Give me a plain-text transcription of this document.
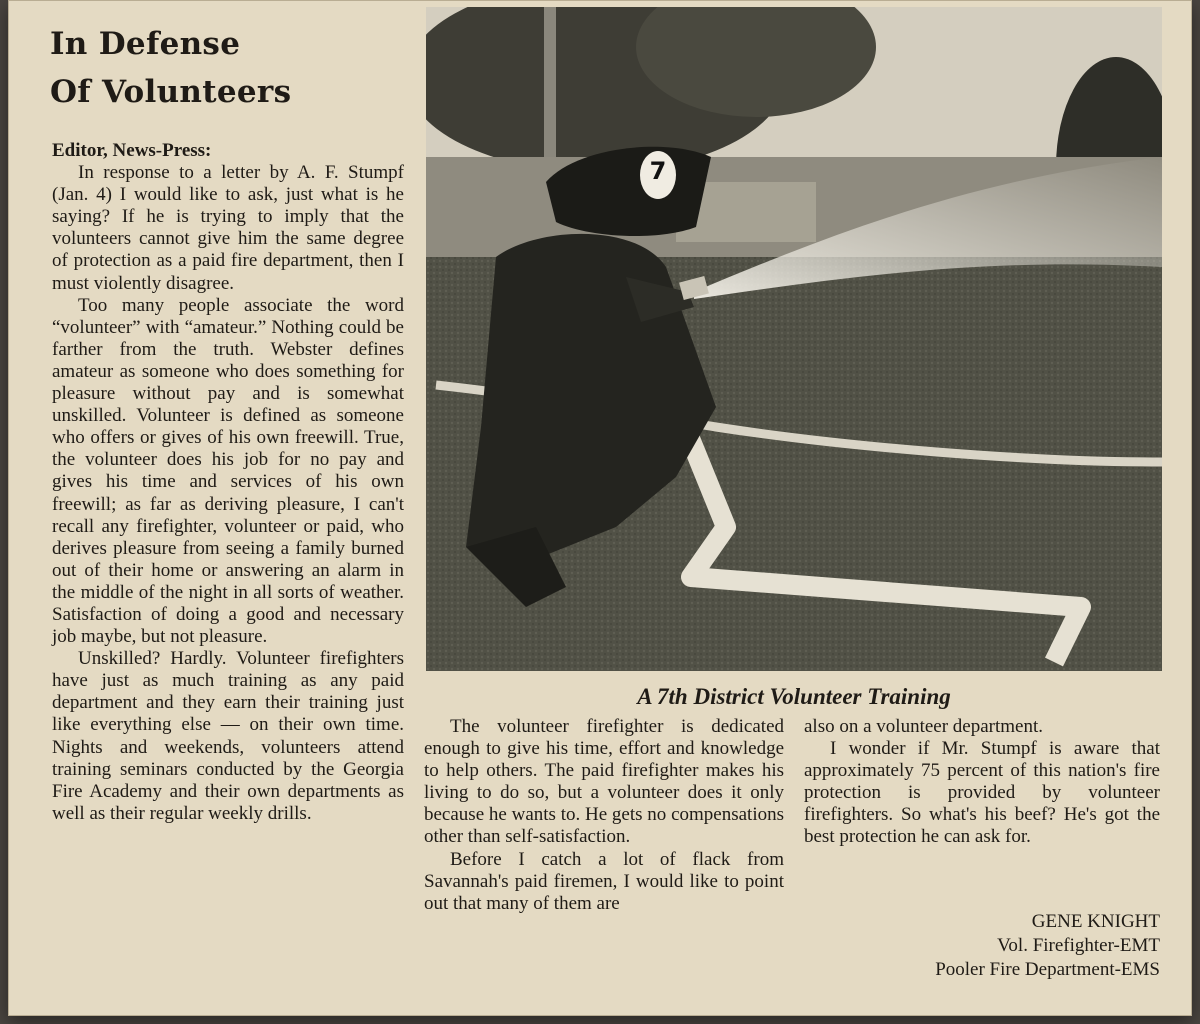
In Defense
Of Volunteers

Editor, News-Press:

In response to a letter by A. F. Stumpf (Jan. 4) I would like to ask, just what is he saying? If he is trying to imply that the volunteers cannot give him the same degree of protection as a paid fire department, then I must violently disagree.

Too many people associate the word “volunteer” with “amateur.” Nothing could be farther from the truth. Webster defines amateur as someone who does something for pleasure without pay and is somewhat unskilled. Volunteer is defined as someone who offers or gives of his own freewill. True, the volunteer does his job for no pay and gives his time and services of his own freewill; as far as deriving pleasure, I can't recall any firefighter, volunteer or paid, who derives pleasure from seeing a family burned out of their home or answering an alarm in the middle of the night in all sorts of weather. Satisfaction of doing a good and necessary job maybe, but not pleasure.

Unskilled? Hardly. Volunteer firefighters have just as much training as any paid department and they earn their training just like everything else — on their own time. Nights and weekends, volunteers attend training seminars conducted by the Georgia Fire Academy and their own departments as well as their regular weekly drills.

7
A 7th District Volunteer Training

The volunteer firefighter is dedicated enough to give his time, effort and knowledge to help others. The paid firefighter makes his living to do so, but a volunteer does it only because he wants to. He gets no compensations other than self-satisfaction.

Before I catch a lot of flack from Savannah's paid firemen, I would like to point out that many of them are

also on a volunteer department.

I wonder if Mr. Stumpf is aware that approximately 75 percent of this nation's fire protection is provided by volunteer firefighters. So what's his beef? He's got the best protection he can ask for.

GENE KNIGHT
Vol. Firefighter-EMT
Pooler Fire Department-EMS
